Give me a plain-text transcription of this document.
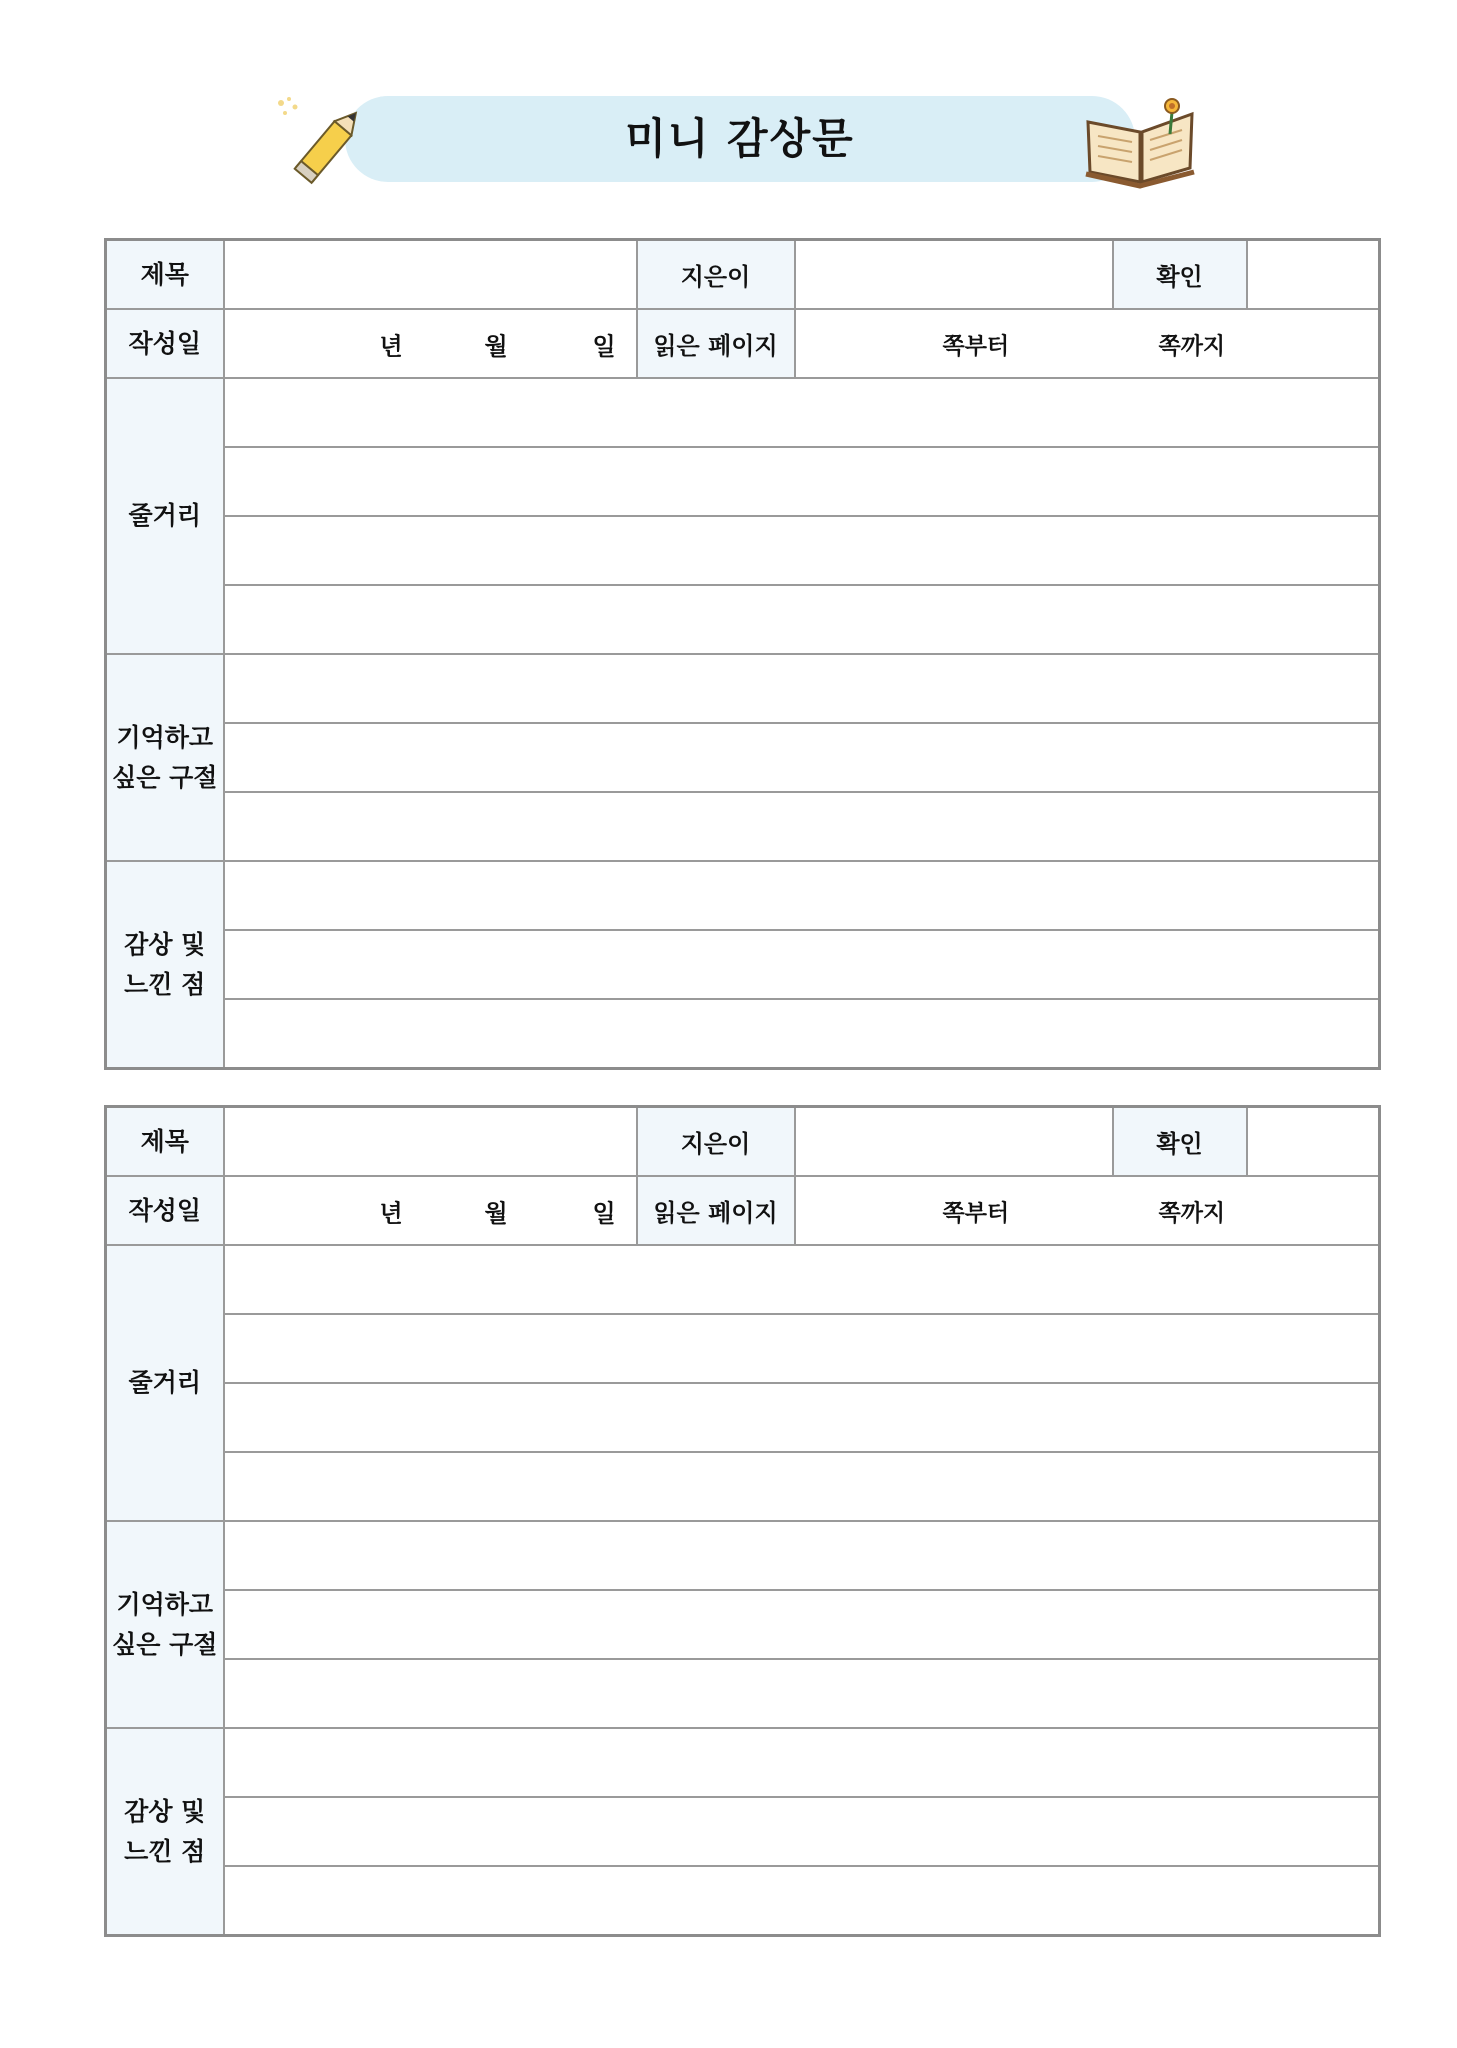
미니 감상문
제목		지은이		확인	
작성일	년 월 일	읽은 페이지	쪽부터 쪽까지		

줄거리					

기억하고
싶은 구절					

감상 및
느낀 점					

제목		지은이		확인	
작성일	년 월 일	읽은 페이지	쪽부터 쪽까지		

줄거리					

기억하고
싶은 구절					

감상 및
느낀 점					
